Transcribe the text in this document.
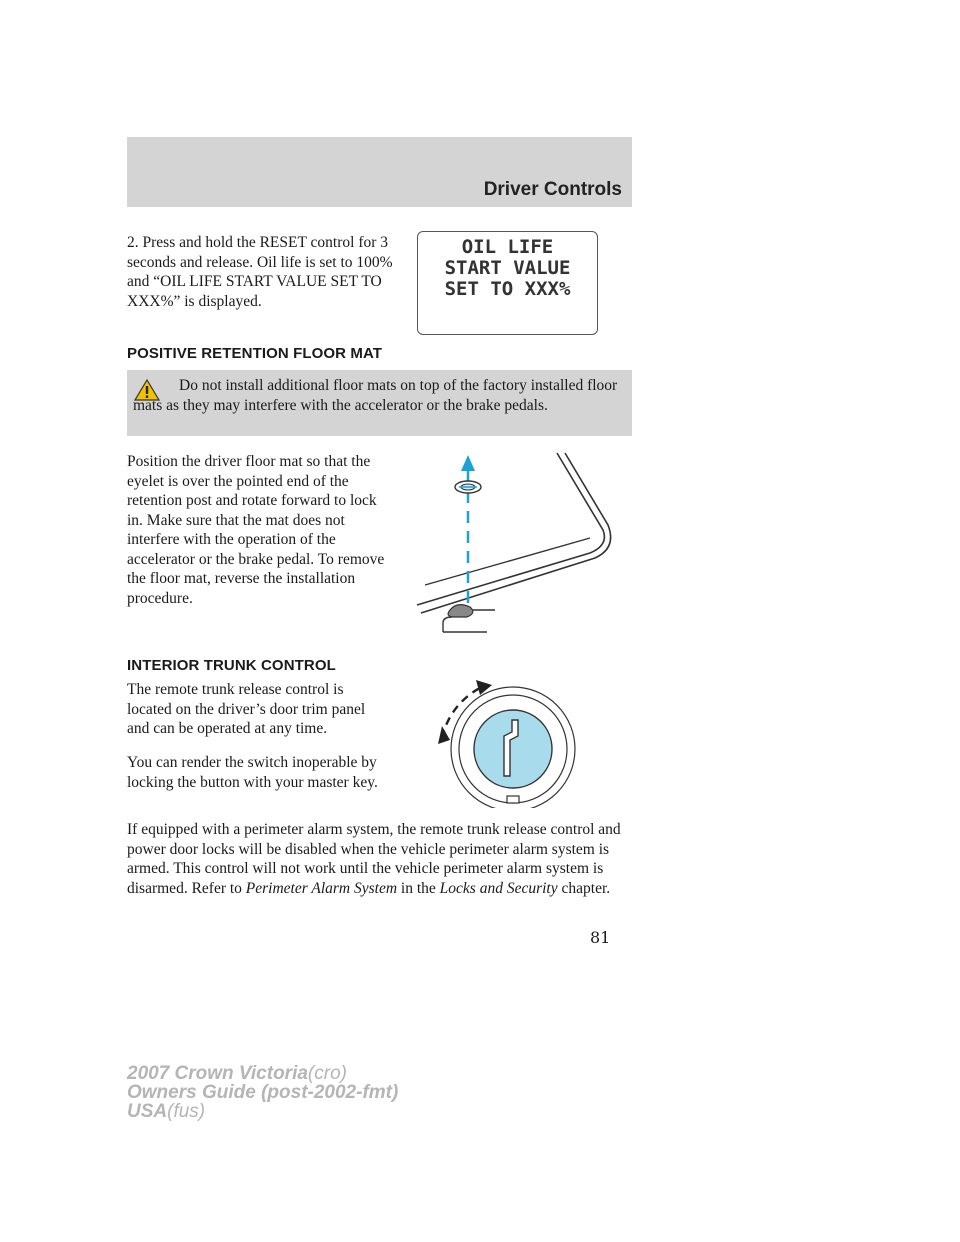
Driver Controls

2. Press and hold the RESET control for 3 seconds and release. Oil life is set to 100% and “OIL LIFE START VALUE SET TO XXX%” is displayed.

OIL LIFE
START VALUE
SET TO XXX%
POSITIVE RETENTION FLOOR MAT

Do not install additional floor mats on top of the factory installed floor mats as they may interfere with the accelerator or the brake pedals.

Position the driver floor mat so that the eyelet is over the pointed end of the retention post and rotate forward to lock in. Make sure that the mat does not interfere with the operation of the accelerator or the brake pedal. To remove the floor mat, reverse the installation procedure.

INTERIOR TRUNK CONTROL

The remote trunk release control is located on the driver’s door trim panel and can be operated at any time.

You can render the switch inoperable by locking the button with your master key.

If equipped with a perimeter alarm system, the remote trunk release control and power door locks will be disabled when the vehicle perimeter alarm system is armed. This control will not work until the vehicle perimeter alarm system is disarmed. Refer to Perimeter Alarm System in the Locks and Security chapter.

81
2007 Crown Victoria(cro)
Owners Guide (post-2002-fmt)
USA(fus)
